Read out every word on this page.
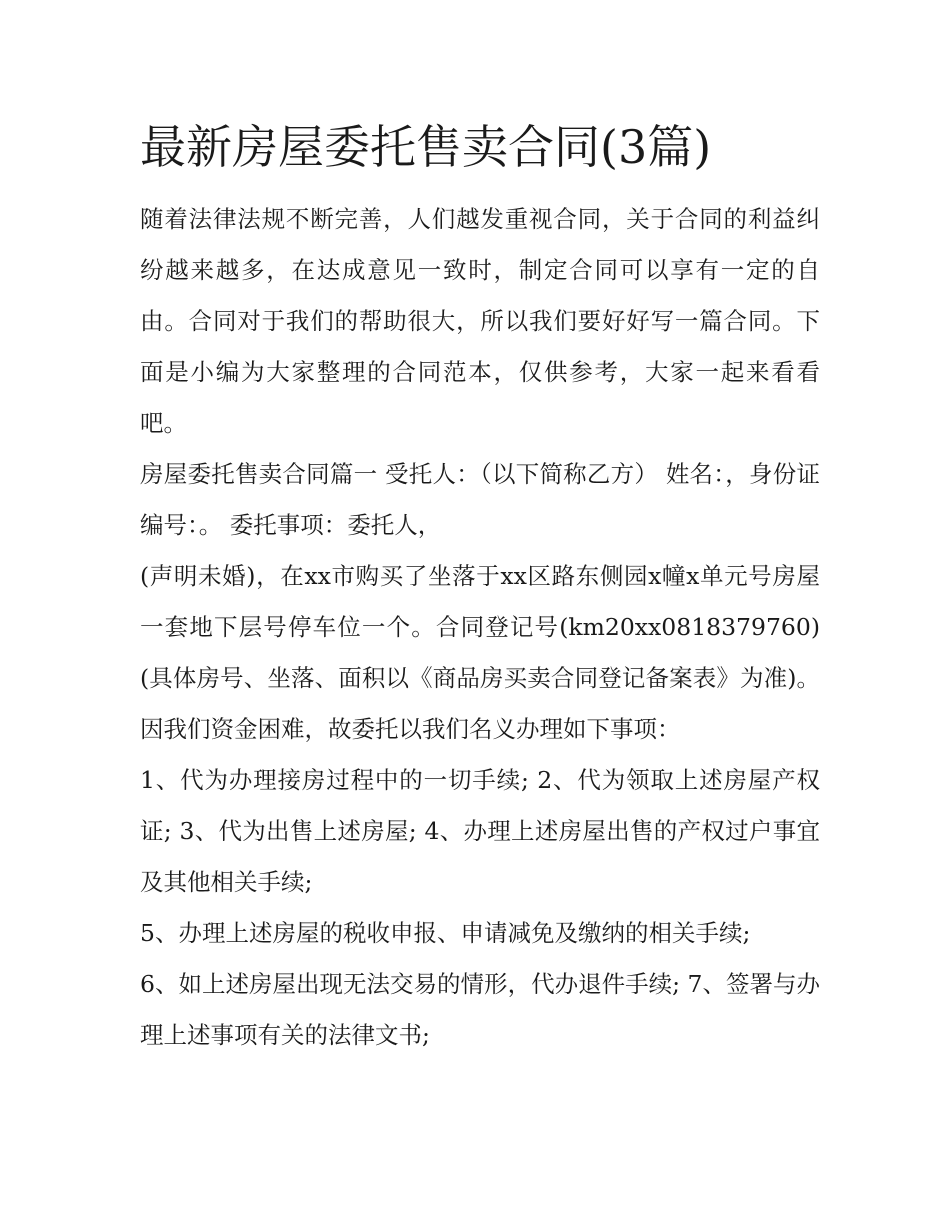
最新房屋委托售卖合同(3篇)

随着法律法规不断完善，人们越发重视合同，关于合同的利益纠纷越来越多，在达成意见一致时，制定合同可以享有一定的自由。合同对于我们的帮助很大，所以我们要好好写一篇合同。下面是小编为大家整理的合同范本，仅供参考，大家一起来看看吧。

房屋委托售卖合同篇一 受托人：（以下简称乙方） 姓名：，身份证编号：。 委托事项：委托人，

(声明未婚)，在xx市购买了坐落于xx区路东侧园x幢x单元号房屋一套地下层号停车位一个。合同登记号(km20xx0818379760)(具体房号、坐落、面积以《商品房买卖合同登记备案表》为准)。因我们资金困难，故委托以我们名义办理如下事项：

1、代为办理接房过程中的一切手续; 2、代为领取上述房屋产权证; 3、代为出售上述房屋; 4、办理上述房屋出售的产权过户事宜及其他相关手续;

5、办理上述房屋的税收申报、申请减免及缴纳的相关手续;

6、如上述房屋出现无法交易的情形，代办退件手续; 7、签署与办理上述事项有关的法律文书;
